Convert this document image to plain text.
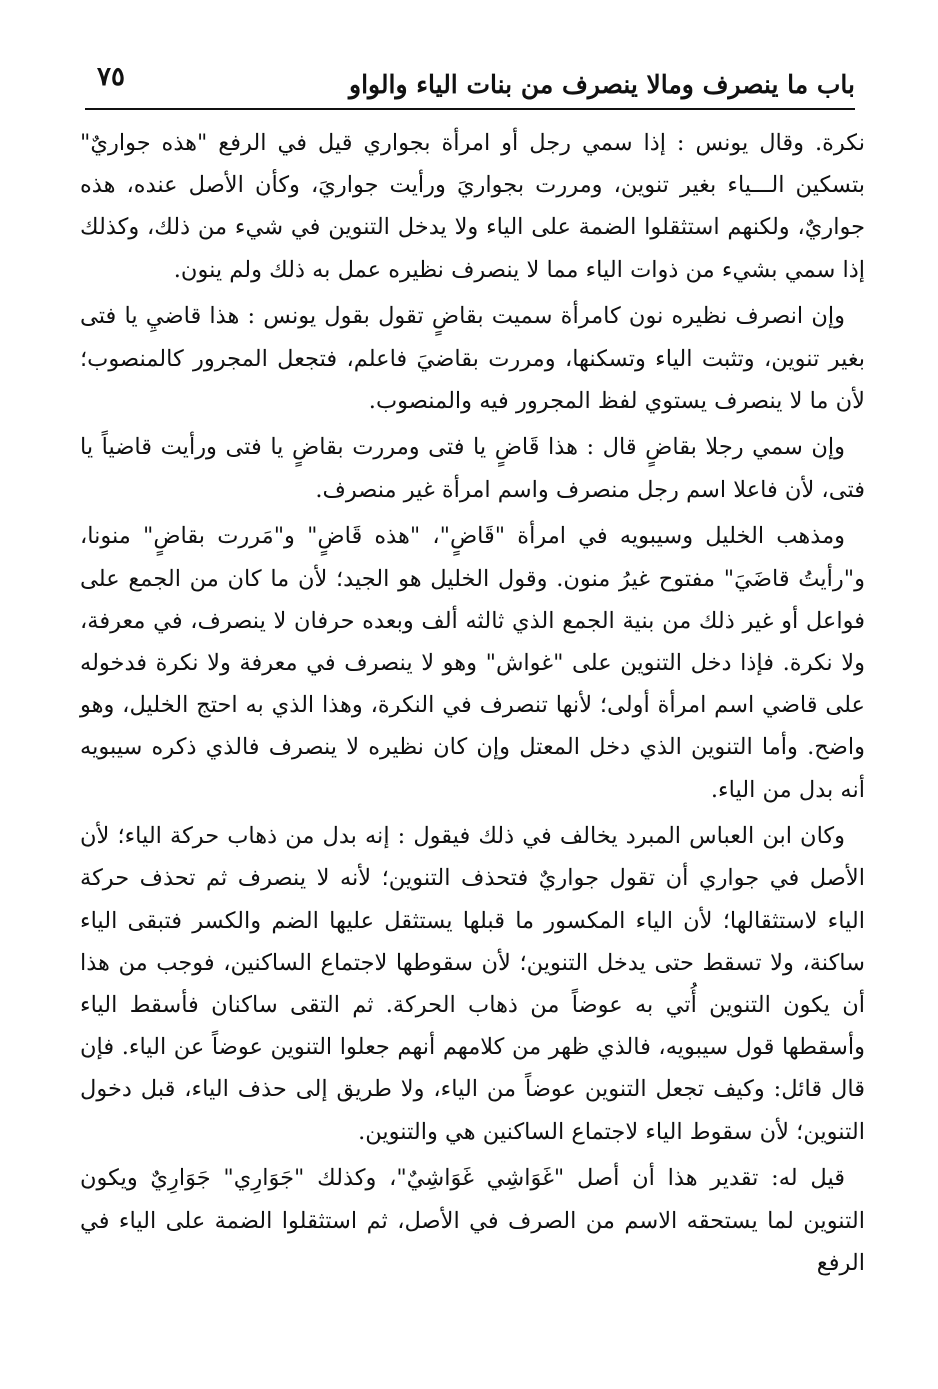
باب ما ينصرف ومالا ينصرف من بنات الياء والواو
٧٥

نكرة. وقال يونس : إذا سمي رجل أو امرأة بجواري قيل في الرفع "هذه جواريٌ" بتسكين الـــياء بغير تنوين، ومررت بجواريَ ورأيت جواريَ، وكأن الأصل عنده، هذه جواريٌ، ولكنهم استثقلوا الضمة على الياء ولا يدخل التنوين في شيء من ذلك، وكذلك إذا سمي بشيء من ذوات الياء مما لا ينصرف نظيره عمل به ذلك ولم ينون.

وإن انصرف نظيره نون كامرأة سميت بقاضٍ تقول بقول يونس : هذا قاضيِ يا فتى بغير تنوين، وتثبت الياء وتسكنها، ومررت بقاضيَ فاعلم، فتجعل المجرور كالمنصوب؛ لأن ما لا ينصرف يستوي لفظ المجرور فيه والمنصوب.

وإن سمي رجلا بقاضٍ قال : هذا قَاضٍ يا فتى ومررت بقاضٍ يا فتى ورأيت قاضياً يا فتى، لأن فاعلا اسم رجل منصرف واسم امرأة غير منصرف.

ومذهب الخليل وسيبويه في امرأة "قَاضٍ"، "هذه قَاضٍ" و"مَررت بقاضٍ" منونا، و"رأيتُ قاضَيَ" مفتوح غيرُ منون. وقول الخليل هو الجيد؛ لأن ما كان من الجمع على فواعل أو غير ذلك من بنية الجمع الذي ثالثه ألف وبعده حرفان لا ينصرف، في معرفة، ولا نكرة. فإذا دخل التنوين على "غواش" وهو لا ينصرف في معرفة ولا نكرة فدخوله على قاضي اسم امرأة أولى؛ لأنها تنصرف في النكرة، وهذا الذي به احتج الخليل، وهو واضح. وأما التنوين الذي دخل المعتل وإن كان نظيره لا ينصرف فالذي ذكره سيبويه أنه بدل من الياء.

وكان ابن العباس المبرد يخالف في ذلك فيقول : إنه بدل من ذهاب حركة الياء؛ لأن الأصل في جواري أن تقول جواريٌ فتحذف التنوين؛ لأنه لا ينصرف ثم تحذف حركة الياء لاستثقالها؛ لأن الياء المكسور ما قبلها يستثقل عليها الضم والكسر فتبقى الياء ساكنة، ولا تسقط حتى يدخل التنوين؛ لأن سقوطها لاجتماع الساكنين، فوجب من هذا أن يكون التنوين أُتي به عوضاً من ذهاب الحركة. ثم التقى ساكنان فأسقط الياء وأسقطها قول سيبويه، فالذي ظهر من كلامهم أنهم جعلوا التنوين عوضاً عن الياء. فإن قال قائل: وكيف تجعل التنوين عوضاً من الياء، ولا طريق إلى حذف الياء، قبل دخول التنوين؛ لأن سقوط الياء لاجتماع الساكنين هي والتنوين.

قيل له: تقدير هذا أن أصل "غَوَاشِي غَوَاشِيٌ"، وكذلك "جَوَارِي" جَوَارِيٌ ويكون التنوين لما يستحقه الاسم من الصرف في الأصل، ثم استثقلوا الضمة على الياء في الرفع
